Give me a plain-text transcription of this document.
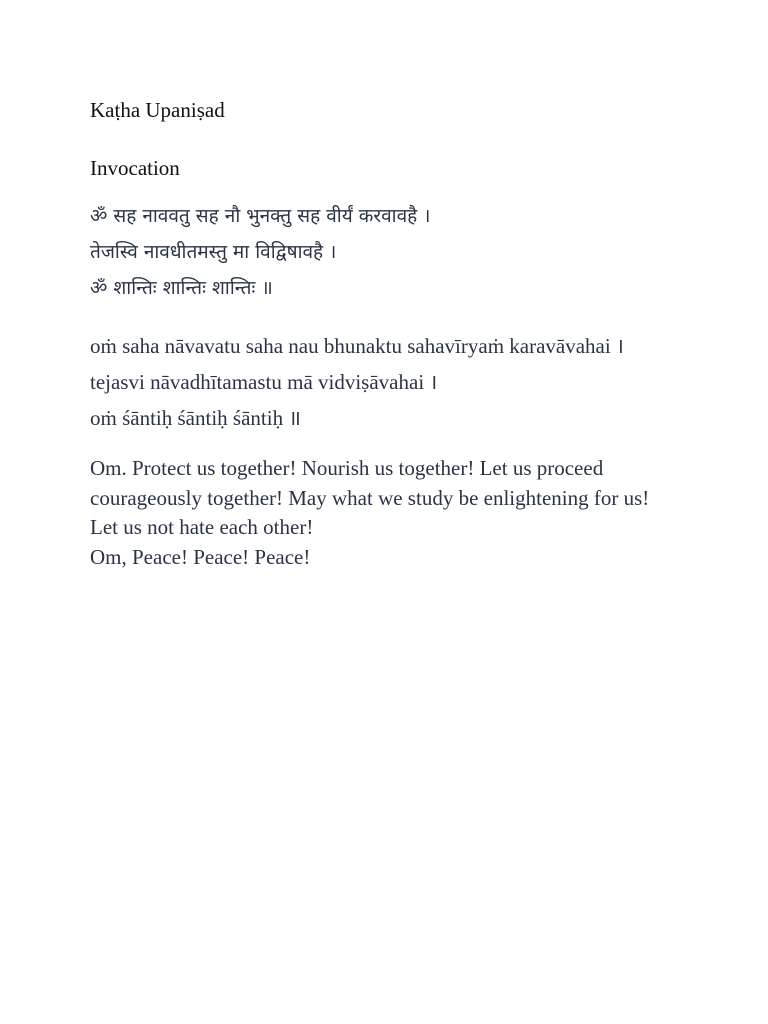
Kaṭha Upaniṣad

Invocation

ॐ सह नाववतु सह नौ भुनक्तु सह वीर्यं करवावहै ।
तेजस्वि नावधीतमस्तु मा विद्विषावहै ।
ॐ शान्तिः शान्तिः शान्तिः ॥
oṁ saha nāvavatu saha nau bhunaktu sahavīryaṁ karavāvahai ।
tejasvi nāvadhītamastu mā vidviṣāvahai ।
oṁ śāntiḥ śāntiḥ śāntiḥ ॥
Om. Protect us together! Nourish us together! Let us proceed courageously together! May what we study be enlightening for us! Let us not hate each other!
Om, Peace! Peace! Peace!
